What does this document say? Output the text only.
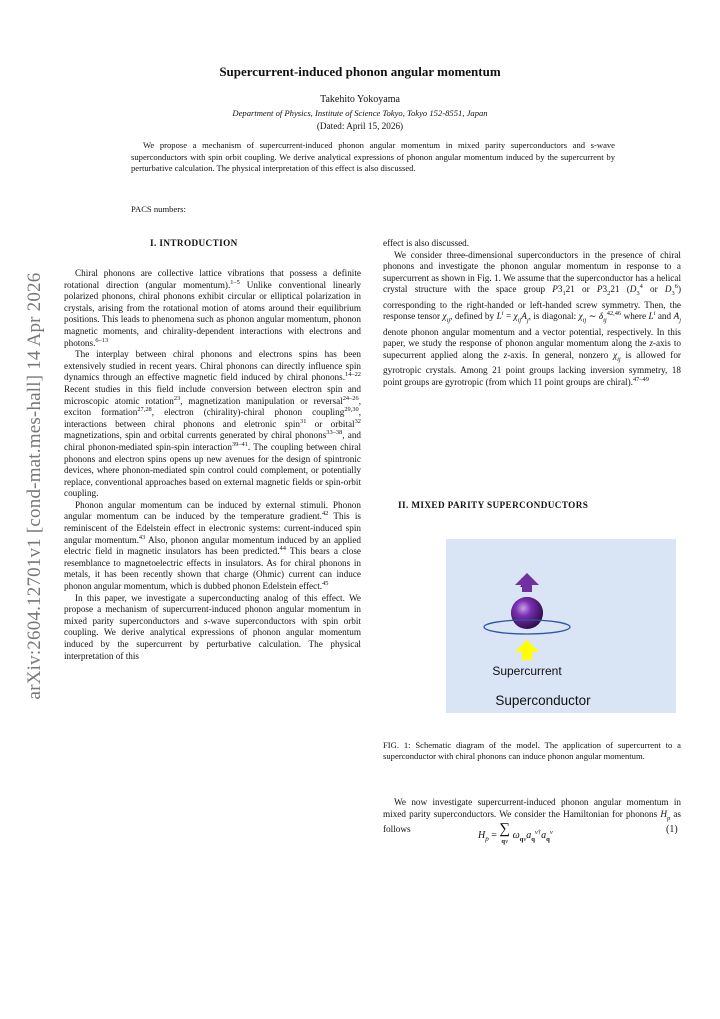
arXiv:2604.12701v1 [cond-mat.mes-hall] 14 Apr 2026
Supercurrent-induced phonon angular momentum
Takehito Yokoyama
Department of Physics, Institute of Science Tokyo, Tokyo 152-8551, Japan
(Dated: April 15, 2026)
We propose a mechanism of supercurrent-induced phonon angular momentum in mixed parity superconductors and s-wave superconductors with spin orbit coupling. We derive analytical expressions of phonon angular momentum induced by the supercurrent by perturbative calculation. The physical interpretation of this effect is also discussed.
PACS numbers:
I. INTRODUCTION

Chiral phonons are collective lattice vibrations that possess a definite rotational direction (angular momentum).$^{1-5}$ Unlike conventional linearly polarized phonons, chiral phonons exhibit circular or elliptical polarization in crystals, arising from the rotational motion of atoms around their equilibrium positions. This leads to phenomena such as phonon angular momentum, phonon magnetic moments, and chirality-dependent interactions with electrons and photons.$^{6-13}$

The interplay between chiral phonons and electrons spins has been extensively studied in recent years. Chiral phonons can directly influence spin dynamics through an effective magnetic field induced by chiral phonons.$^{14-22}$ Recent studies in this field include conversion between electron spin and microscopic atomic rotation$^{23}$, magnetization manipulation or reversal$^{24-26}$, exciton formation$^{27,28}$, electron (chirality)-chiral phonon coupling$^{29,30}$, interactions between chiral phonons and eletronic spin$^{31}$ or orbital$^{32}$ magnetizations, spin and orbital currents generated by chiral phonons$^{33-38}$, and chiral phonon-mediated spin-spin interaction$^{39-41}$. The coupling between chiral phonons and electron spins opens up new avenues for the design of spintronic devices, where phonon-mediated spin control could complement, or potentially replace, conventional approaches based on external magnetic fields or spin-orbit coupling.

Phonon angular momentum can be induced by external stimuli. Phonon angular momentum can be induced by the temperature gradient.$^{42}$ This is reminiscent of the Edelstein effect in electronic systems: current-induced spin angular momentum.$^{43}$ Also, phonon angular momentum induced by an applied electric field in magnetic insulators has been predicted.$^{44}$ This bears a close resemblance to magnetoelectric effects in insulators. As for chiral phonons in metals, it has been recently shown that charge (Ohmic) current can induce phonon angular momentum, which is dubbed phonon Edelstein effect.$^{45}$

In this paper, we investigate a superconducting analog of this effect. We propose a mechanism of supercurrent-induced phonon angular momentum in mixed parity superconductors and s-wave superconductors with spin orbit coupling. We derive analytical expressions of phonon angular momentum induced by the supercurrent by perturbative calculation. The physical interpretation of this

effect is also discussed.

We consider three-dimensional superconductors in the presence of chiral phonons and investigate the phonon angular momentum in response to a supercurrent as shown in Fig. 1. We assume that the superconductor has a helical crystal structure with the space group $P3_121$ or $P3_221$ ($D_3^4$ or $D_3^6$) corresponding to the right-handed or left-handed screw symmetry. Then, the response tensor $\chi_{ij}$, defined by $L^i = \chi_{ij}A_j$, is diagonal: $\chi_{ij}$ ∼ $\delta_{ij}^{42,46}$ where $L^i$ and $A_j$ denote phonon angular momentum and a vector potential, respectively. In this paper, we study the response of phonon angular momentum along the z-axis to supecurrent applied along the z-axis. In general, nonzero $\chi_{ij}$ is allowed for gyrotropic crystals. Among 21 point groups lacking inversion symmetry, 18 point groups are gyrotropic (from which 11 point groups are chiral).$^{47-49}$

II. MIXED PARITY SUPERCONDUCTORS
Supercurrent
Superconductor
FIG. 1: Schematic diagram of the model. The application of supercurrent to a superconductor with chiral phonons can induce phonon angular momentum.

We now investigate supercurrent-induced phonon angular momentum in mixed parity superconductors. We consider the Hamiltonian for phonons $H_p$ as follows

$H_p$ = ∑
qν $\omega_{q\nu}a_q^{\nu\dagger}a_q^\nu$	(1)
